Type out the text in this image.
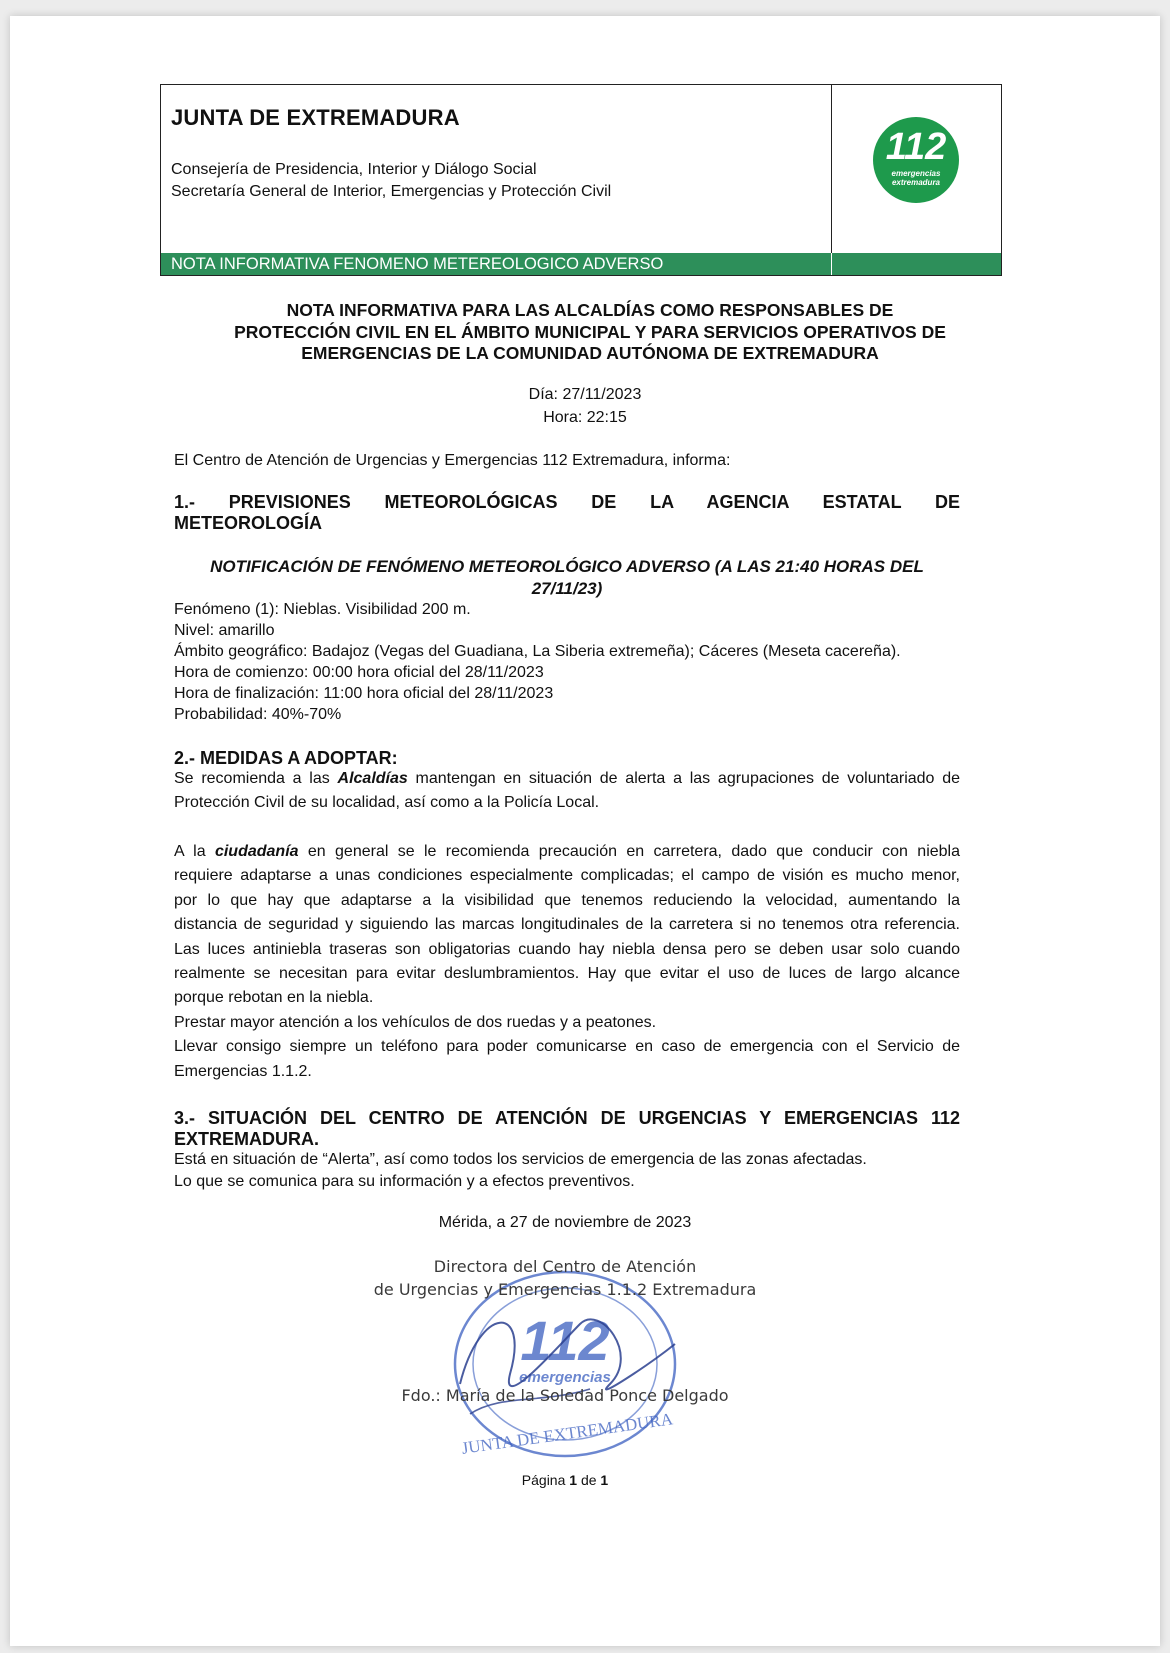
JUNTA DE EXTREMADURA
Consejería de Presidencia, Interior y Diálogo Social
Secretaría General de Interior, Emergencias y Protección Civil
112
emergencias
extremadura
NOTA INFORMATIVA FENOMENO METEREOLOGICO ADVERSO
NOTA INFORMATIVA PARA LAS ALCALDÍAS COMO RESPONSABLES DE
PROTECCIÓN CIVIL EN EL ÁMBITO MUNICIPAL Y PARA SERVICIOS OPERATIVOS DE
EMERGENCIAS DE LA COMUNIDAD AUTÓNOMA DE EXTREMADURA
Día: 27/11/2023
Hora: 22:15
El Centro de Atención de Urgencias y Emergencias 112 Extremadura, informa:
1.- PREVISIONES METEOROLÓGICAS DE LA AGENCIA ESTATAL DE
METEOROLOGÍA
NOTIFICACIÓN DE FENÓMENO METEOROLÓGICO ADVERSO (A LAS 21:40 HORAS DEL
27/11/23)
Fenómeno (1): Nieblas. Visibilidad 200 m.
Nivel: amarillo
Ámbito geográfico: Badajoz (Vegas del Guadiana, La Siberia extremeña); Cáceres (Meseta cacereña).
Hora de comienzo: 00:00 hora oficial del 28/11/2023
Hora de finalización: 11:00 hora oficial del 28/11/2023
Probabilidad: 40%-70%
2.- MEDIDAS A ADOPTAR:
Se recomienda a las Alcaldías mantengan en situación de alerta a las agrupaciones de voluntariado de
Protección Civil de su localidad, así como a la Policía Local.
A la ciudadanía en general se le recomienda precaución en carretera, dado que conducir con niebla
requiere adaptarse a unas condiciones especialmente complicadas; el campo de visión es mucho menor,
por lo que hay que adaptarse a la visibilidad que tenemos reduciendo la velocidad, aumentando la
distancia de seguridad y siguiendo las marcas longitudinales de la carretera si no tenemos otra referencia.
Las luces antiniebla traseras son obligatorias cuando hay niebla densa pero se deben usar solo cuando
realmente se necesitan para evitar deslumbramientos. Hay que evitar el uso de luces de largo alcance
porque rebotan en la niebla.
Prestar mayor atención a los vehículos de dos ruedas y a peatones.
Llevar consigo siempre un teléfono para poder comunicarse en caso de emergencia con el Servicio de
Emergencias 1.1.2.
3.- SITUACIÓN DEL CENTRO DE ATENCIÓN DE URGENCIAS Y EMERGENCIAS 112
EXTREMADURA.
Está en situación de “Alerta”, así como todos los servicios de emergencia de las zonas afectadas.
Lo que se comunica para su información y a efectos preventivos.
Mérida, a 27 de noviembre de 2023
112
emergencias
JUNTA DE EXTREMADURA
Directora del Centro de Atención
de Urgencias y Emergencias 1.1.2 Extremadura
Fdo.: María de la Soledad Ponce Delgado
Página 1 de 1
